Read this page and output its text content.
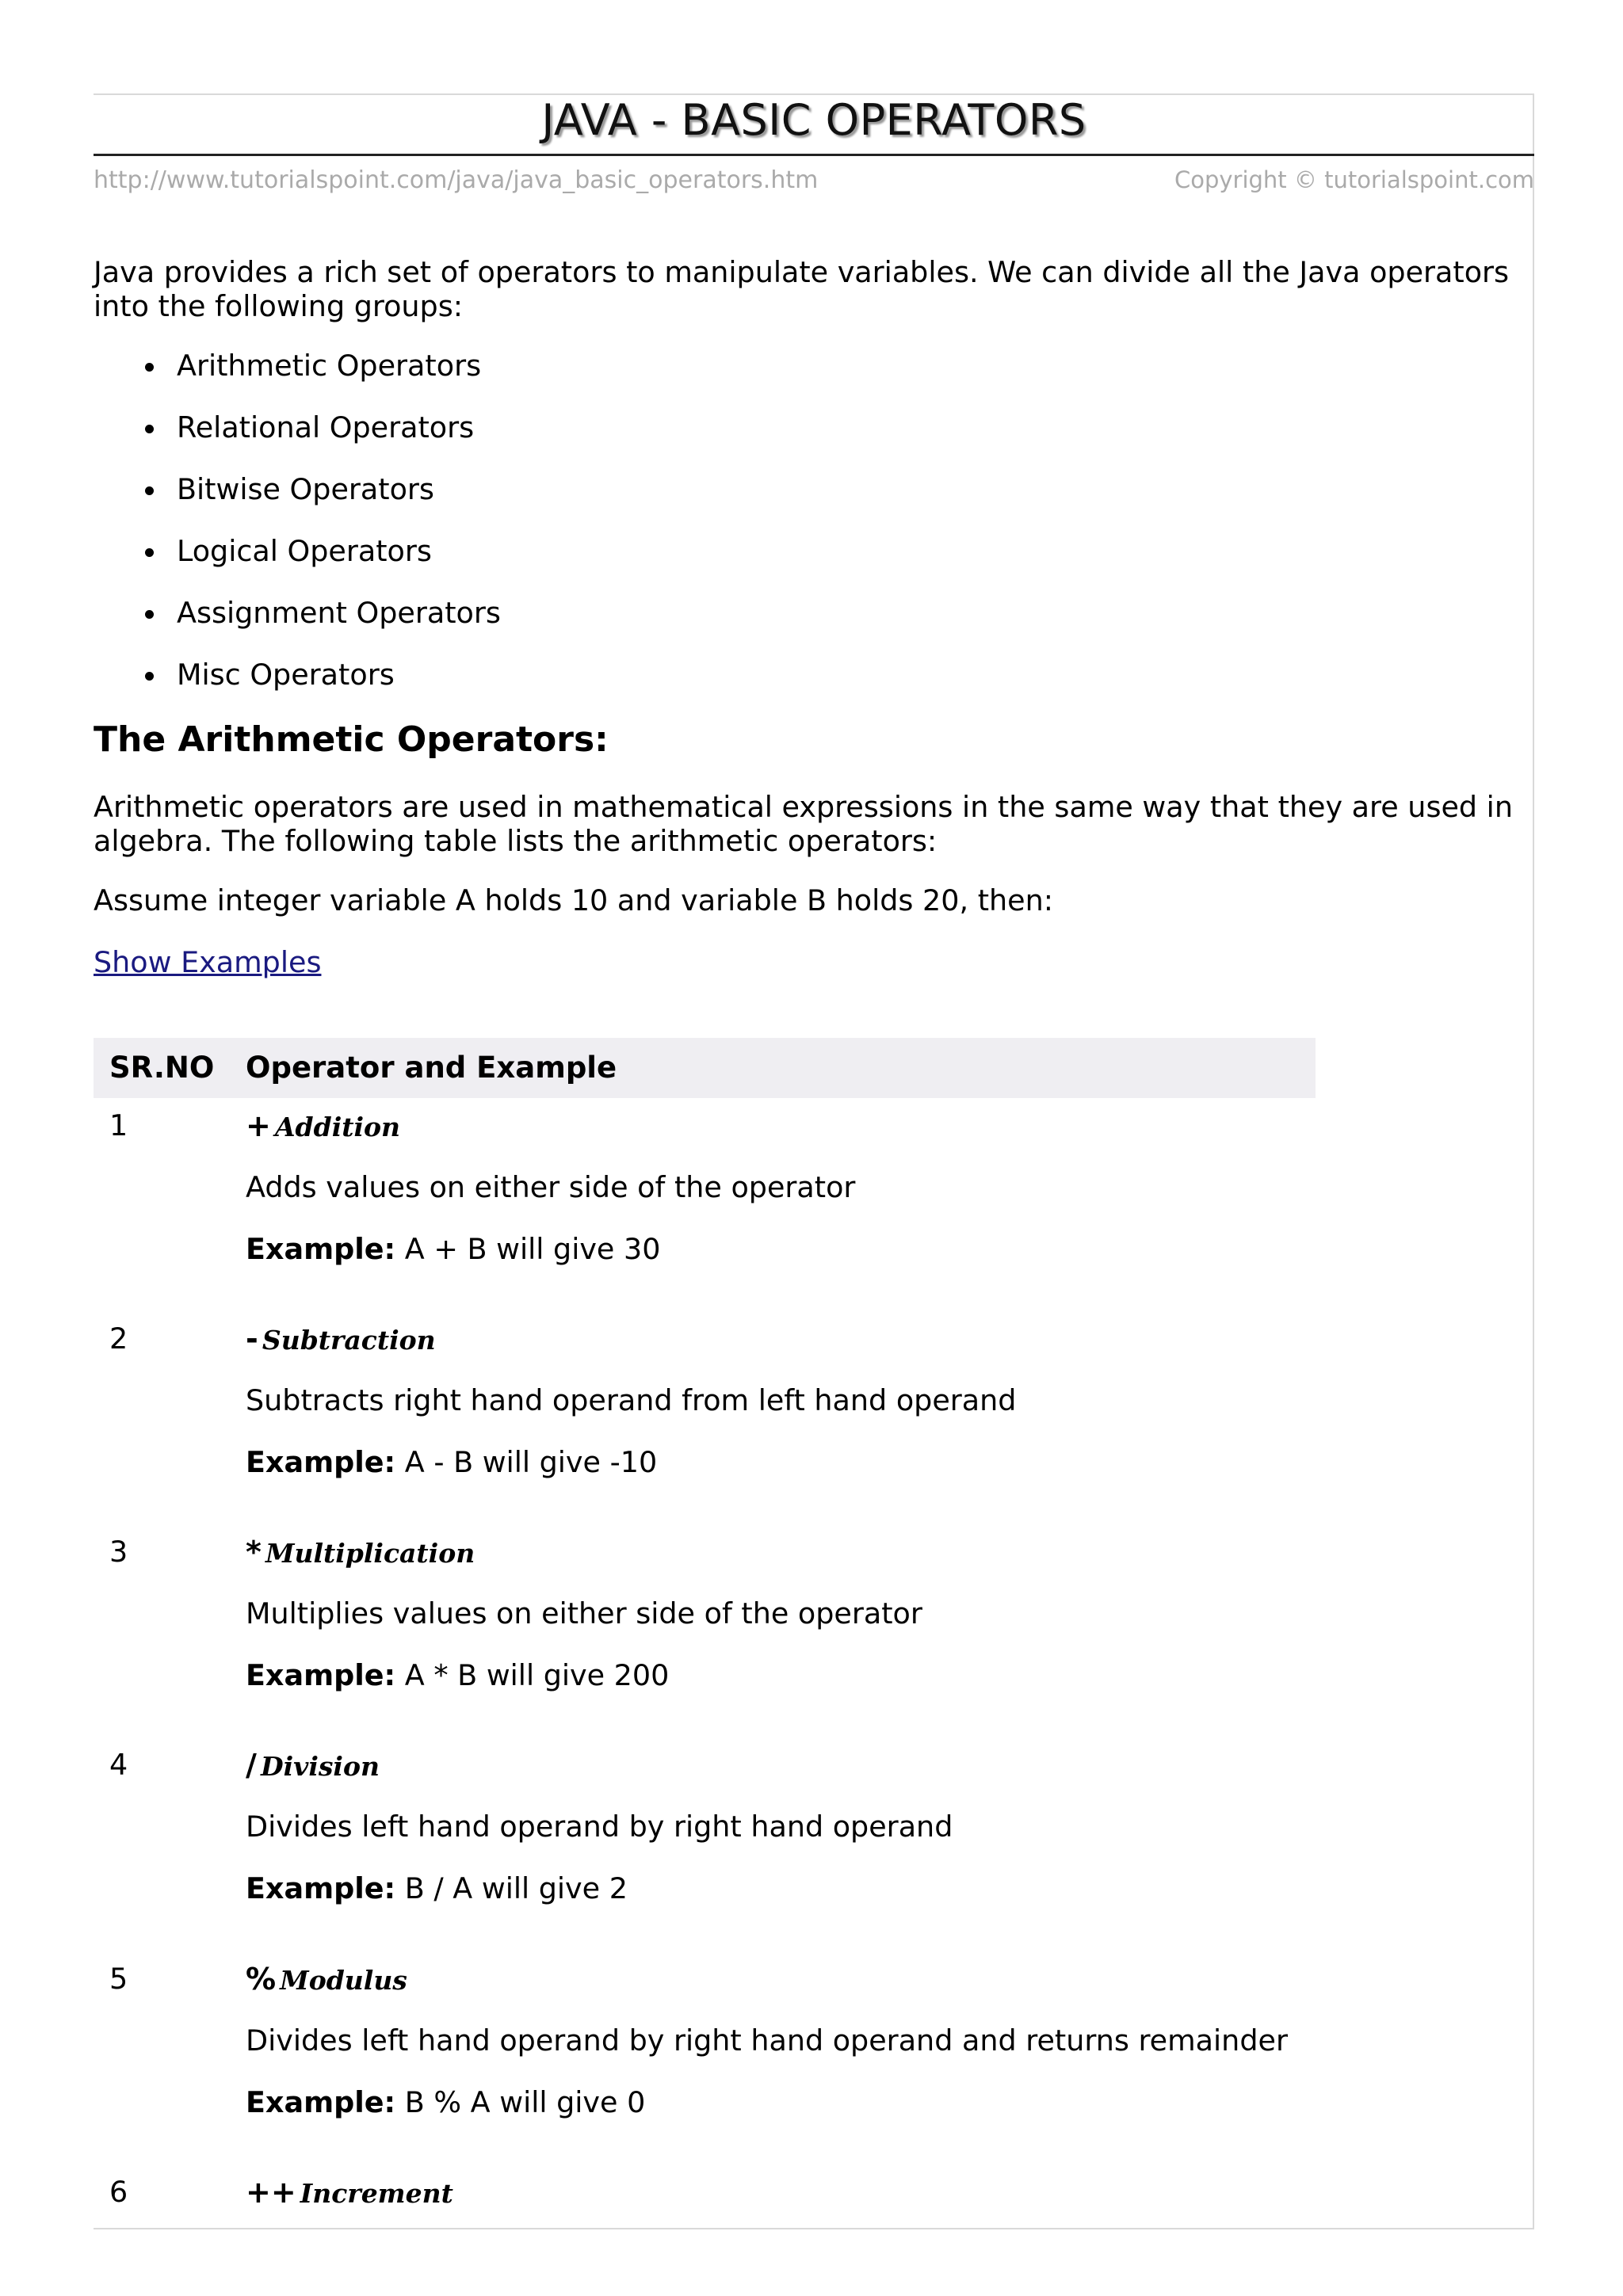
JAVA - BASIC OPERATORS
http://www.tutorialspoint.com/java/java_basic_operators.htm	Copyright © tutorialspoint.com
Java provides a rich set of operators to manipulate variables. We can divide all the Java operators into the following groups:
Arithmetic Operators
Relational Operators
Bitwise Operators
Logical Operators
Assignment Operators
Misc Operators
The Arithmetic Operators:
Arithmetic operators are used in mathematical expressions in the same way that they are used in algebra. The following table lists the arithmetic operators:
Assume integer variable A holds 10 and variable B holds 20, then:
Show Examples
SR.NO Operator and Example
1	+ Addition
Adds values on either side of the operator
Example: A + B will give 30
2	- Subtraction
Subtracts right hand operand from left hand operand
Example: A - B will give -10
3	* Multiplication
Multiplies values on either side of the operator
Example: A * B will give 200
4	/ Division
Divides left hand operand by right hand operand
Example: B / A will give 2
5	% Modulus
Divides left hand operand by right hand operand and returns remainder
Example: B % A will give 0
6	++ Increment
